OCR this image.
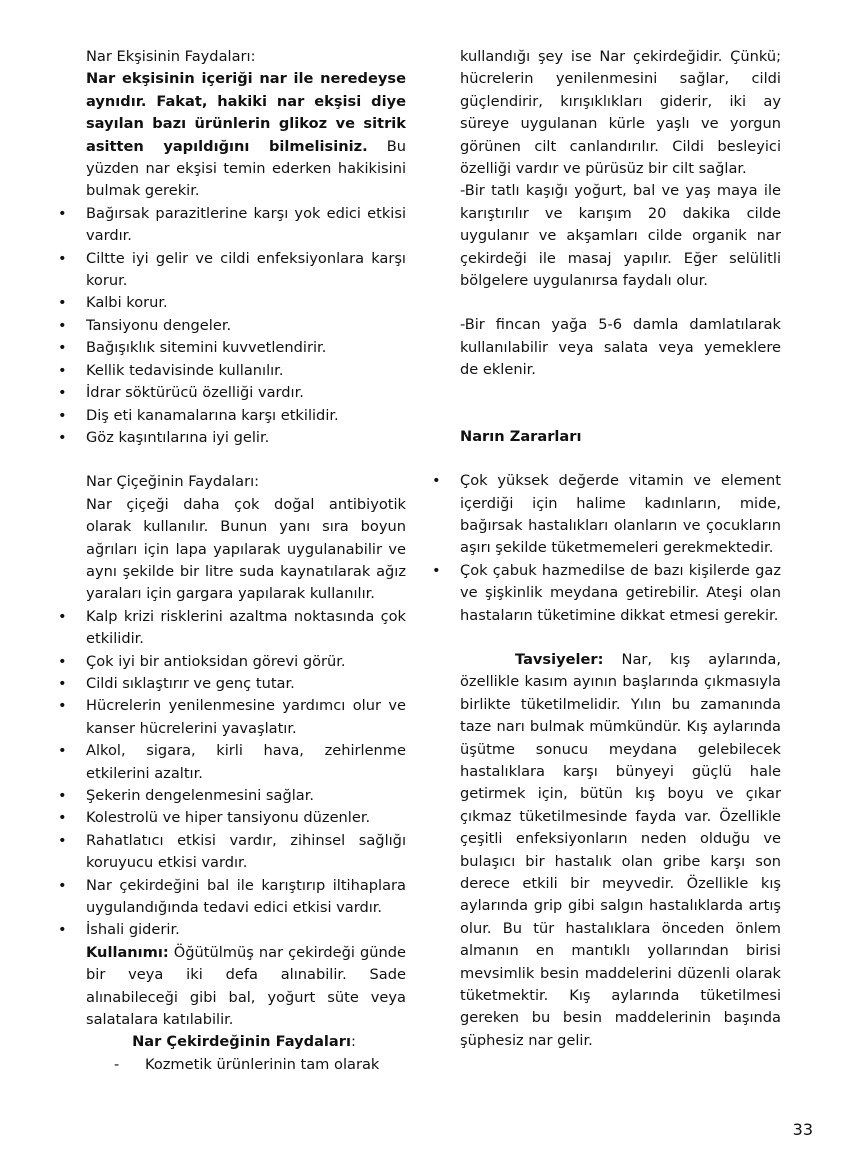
Nar Ekşisinin Faydaları:

Nar ekşisinin içeriği nar ile neredeyse aynıdır. Fakat, hakiki nar ekşisi diye sayılan bazı ürünlerin glikoz ve sitrik asitten yapıldığını bilmelisiniz. Bu yüzden nar ekşisi temin ederken hakikisini bulmak gerekir.

• Bağırsak parazitlerine karşı yok edici etkisi vardır.
• Ciltte iyi gelir ve cildi enfeksiyonlara karşı korur.
• Kalbi korur.
• Tansiyonu dengeler.
• Bağışıklık sitemini kuvvetlendirir.
• Kellik tedavisinde kullanılır.
• İdrar söktürücü özelliği vardır.
• Diş eti kanamalarına karşı etkilidir.
• Göz kaşıntılarına iyi gelir.

Nar Çiçeğinin Faydaları:

Nar çiçeği daha çok doğal antibiyotik olarak kullanılır. Bunun yanı sıra boyun ağrıları için lapa yapılarak uygulanabilir ve aynı şekilde bir litre suda kaynatılarak ağız yaraları için gargara yapılarak kullanılır.

• Kalp krizi risklerini azaltma noktasında çok etkilidir.
• Çok iyi bir antioksidan görevi görür.
• Cildi sıklaştırır ve genç tutar.
• Hücrelerin yenilenmesine yardımcı olur ve kanser hücrelerini yavaşlatır.
• Alkol, sigara, kirli hava, zehirlenme etkilerini azaltır.
• Şekerin dengelenmesini sağlar.
• Kolestrolü ve hiper tansiyonu düzenler.
• Rahatlatıcı etkisi vardır, zihinsel sağlığı koruyucu etkisi vardır.
• Nar çekirdeğini bal ile karıştırıp iltihaplara uygulandığında tedavi edici etkisi vardır.
• İshali giderir.

Kullanımı: Öğütülmüş nar çekirdeği günde bir veya iki defa alınabilir. Sade alınabileceği gibi bal, yoğurt süte veya salatalara katılabilir.

Nar Çekirdeğinin Faydaları:

- Kozmetik ürünlerinin tam olarak

kullandığı şey ise Nar çekirdeğidir. Çünkü; hücrelerin yenilenmesini sağlar, cildi güçlendirir, kırışıklıkları giderir, iki ay süreye uygulanan kürle yaşlı ve yorgun görünen cilt canlandırılır. Cildi besleyici özelliği vardır ve pürüsüz bir cilt sağlar.

-Bir tatlı kaşığı yoğurt, bal ve yaş maya ile karıştırılır ve karışım 20 dakika cilde uygulanır ve akşamları cilde organik nar çekirdeği ile masaj yapılır. Eğer selülitli bölgelere uygulanırsa faydalı olur.

-Bir fincan yağa 5-6 damla damlatılarak kullanılabilir veya salata veya yemeklere de eklenir.

Narın Zararları

• Çok yüksek değerde vitamin ve element içerdiği için halime kadınların, mide, bağırsak hastalıkları olanların ve çocukların aşırı şekilde tüketmemeleri gerekmektedir.
• Çok çabuk hazmedilse de bazı kişilerde gaz ve şişkinlik meydana getirebilir. Ateşi olan hastaların tüketimine dikkat etmesi gerekir.

Tavsiyeler: Nar, kış aylarında, özellikle kasım ayının başlarında çıkmasıyla birlikte tüketilmelidir. Yılın bu zamanında taze narı bulmak mümkündür. Kış aylarında üşütme sonucu meydana gelebilecek hastalıklara karşı bünyeyi güçlü hale getirmek için, bütün kış boyu ve çıkar çıkmaz tüketilmesinde fayda var. Özellikle çeşitli enfeksiyonların neden olduğu ve bulaşıcı bir hastalık olan gribe karşı son derece etkili bir meyvedir. Özellikle kış aylarında grip gibi salgın hastalıklarda artış olur. Bu tür hastalıklara önceden önlem almanın en mantıklı yollarından birisi mevsimlik besin maddelerini düzenli olarak tüketmektir. Kış aylarında tüketilmesi gereken bu besin maddelerinin başında şüphesiz nar gelir.

33
